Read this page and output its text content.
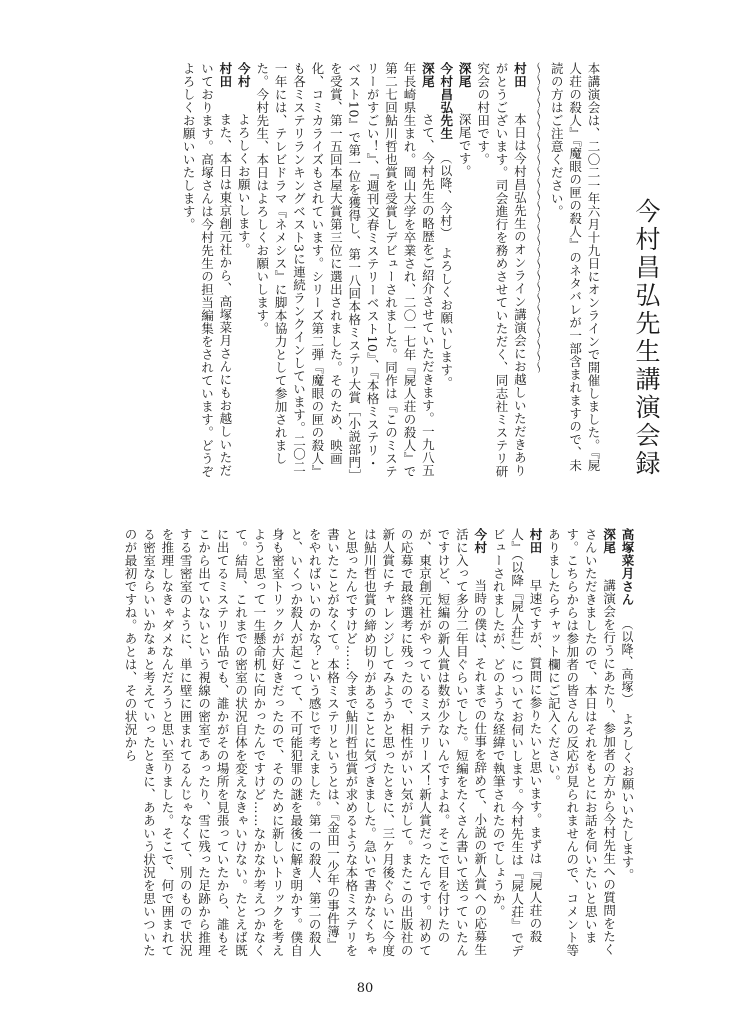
今村昌弘先生講演会録

本講演会は、二〇二一年六月十九日にオンラインで開催しました。『屍人荘の殺人』『魔眼の匣の殺人』のネタバレが一部含まれますので、未読の方はご注意ください。

〜〜〜〜〜〜〜〜〜〜〜〜〜〜〜〜〜〜〜〜〜〜〜〜〜〜〜

村田　本日は今村昌弘先生のオンライン講演会にお越しいただきありがとうございます。司会進行を務めさせていただく、同志社ミステリ研究会の村田です。

深尾　深尾です。

今村昌弘先生（以降、今村）　よろしくお願いします。

深尾　さて、今村先生の略歴をご紹介させていただきます。一九八五年長崎県生まれ。岡山大学を卒業され、二〇一七年『屍人荘の殺人』で第二七回鮎川哲也賞を受賞しデビューされました。同作は『このミステリーがすごい！』、『週刊文春ミステリーベスト10』、『本格ミステリ・ベスト10』で第一位を獲得し、第一八回本格ミステリ大賞［小説部門］を受賞、第一五回本屋大賞第三位に選出されました。そのため、映画化、コミカライズもされています。シリーズ第二弾『魔眼の匣の殺人』も各ミステリランキングベスト3に連続ランクインしています。二〇二一年には、テレビドラマ『ネメシス』に脚本協力として参加されました。今村先生、本日はよろしくお願いします。

今村　よろしくお願いします。

村田　また、本日は東京創元社から、高塚菜月さんにもお越しいただいております。高塚さんは今村先生の担当編集をされています。どうぞよろしくお願いいたします。

高塚菜月さん（以降、高塚）　よろしくお願いいたします。

深尾　講演会を行うにあたり、参加者の方から今村先生への質問をたくさんいただきましたので、本日はそれをもとにお話を伺いたいと思います。こちらからは参加者の皆さんの反応が見られませんので、コメント等ありましたらチャット欄にご記入ください。

村田　早速ですが、質問に参りたいと思います。まずは『屍人荘の殺人』（以降『屍人荘』）についてお伺いします。今村先生は『屍人荘』でデビューされましたが、どのような経緯で執筆されたのでしょうか。

今村　当時の僕は、それまでの仕事を辞めて、小説の新人賞への応募生活に入って多分二年目ぐらいでした。短編をたくさん書いて送っていたんですけど、短編の新人賞は数が少ないんですよね。そこで目を付けたのが、東京創元社がやっているミステリーズ！新人賞だったんです。初めての応募で最終選考に残ったので、相性がいい気がして。またこの出版社の新人賞にチャレンジしてみようかと思ったときに、三ケ月後ぐらいに今度は鮎川哲也賞の締め切りがあることに気づきました。急いで書かなくちゃと思ったんですけど……今まで鮎川哲也賞が求めるような本格ミステリを書いたことがなくて。本格ミステリというとは、『金田一少年の事件簿』をやればいいのかな？という感じで考えました。第一の殺人、第二の殺人と、いくつか殺人が起こって、不可能犯罪の謎を最後に解き明かす。僕自身も密室トリックが大好きだったので、そのために新しいトリックを考えようと思って一生懸命机に向かったんですけど……なかなか考えつかなくて。結局、これまでの密室の状況自体を変えなきゃいけない。たとえば既に出てるミステリ作品でも、誰かがその場所を見張っていたから、誰もそこから出ていないという視線の密室であったり、雪に残った足跡から推理する雪密室のように、単に壁に囲まれてるんじゃなくて、別のもので状況を推理しなきゃダメなんだろうと思い至りました。そこで、何で囲まれてる密室ならいいかなぁと考えていったときに、ああいう状況を思いついたのが最初ですね。あとは、その状況から

80
